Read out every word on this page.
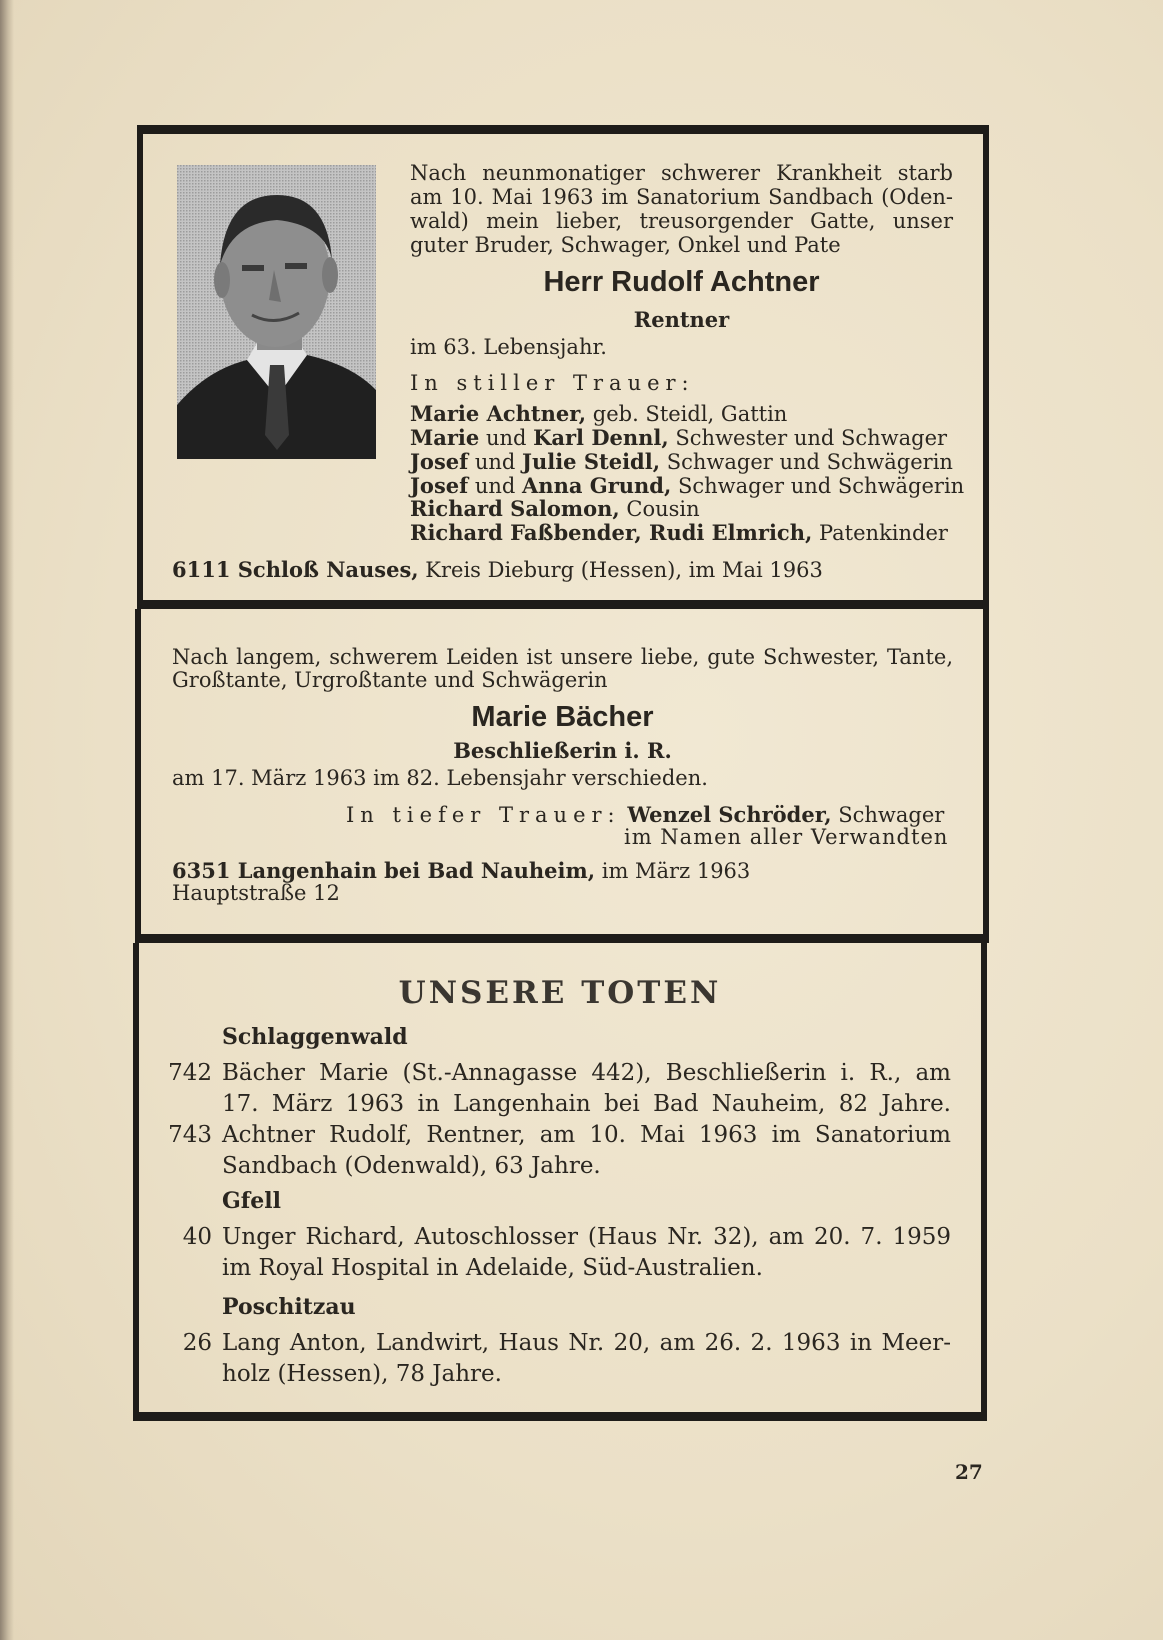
Nach neunmonatiger schwerer Krankheit starb
am 10. Mai 1963 im Sanatorium Sandbach (Oden-
wald) mein lieber, treusorgender Gatte, unser
guter Bruder, Schwager, Onkel und Pate
Herr Rudolf Achtner
Rentner
im 63. Lebensjahr.
In stiller Trauer:
Marie Achtner, geb. Steidl, Gattin
Marie und Karl Dennl, Schwester und Schwager
Josef und Julie Steidl, Schwager und Schwägerin
Josef und Anna Grund, Schwager und Schwägerin
Richard Salomon, Cousin
Richard Faßbender, Rudi Elmrich, Patenkinder
6111 Schloß Nauses, Kreis Dieburg (Hessen), im Mai 1963
Nach langem, schwerem Leiden ist unsere liebe, gute Schwester, Tante,
Großtante, Urgroßtante und Schwägerin
Marie Bächer
Beschließerin i. R.
am 17. März 1963 im 82. Lebensjahr verschieden.
In tiefer Trauer: Wenzel Schröder, Schwager
im Namen aller Verwandten
6351 Langenhain bei Bad Nauheim, im März 1963
Hauptstraße 12
UNSERE TOTEN
Schlaggenwald
742 Bächer Marie (St.-Annagasse 442), Beschließerin i. R., am
17. März 1963 in Langenhain bei Bad Nauheim, 82 Jahre.
743 Achtner Rudolf, Rentner, am 10. Mai 1963 im Sanatorium
Sandbach (Odenwald), 63 Jahre.
Gfell
40 Unger Richard, Autoschlosser (Haus Nr. 32), am 20. 7. 1959
im Royal Hospital in Adelaide, Süd-Australien.
Poschitzau
26 Lang Anton, Landwirt, Haus Nr. 20, am 26. 2. 1963 in Meer-
holz (Hessen), 78 Jahre.
27
